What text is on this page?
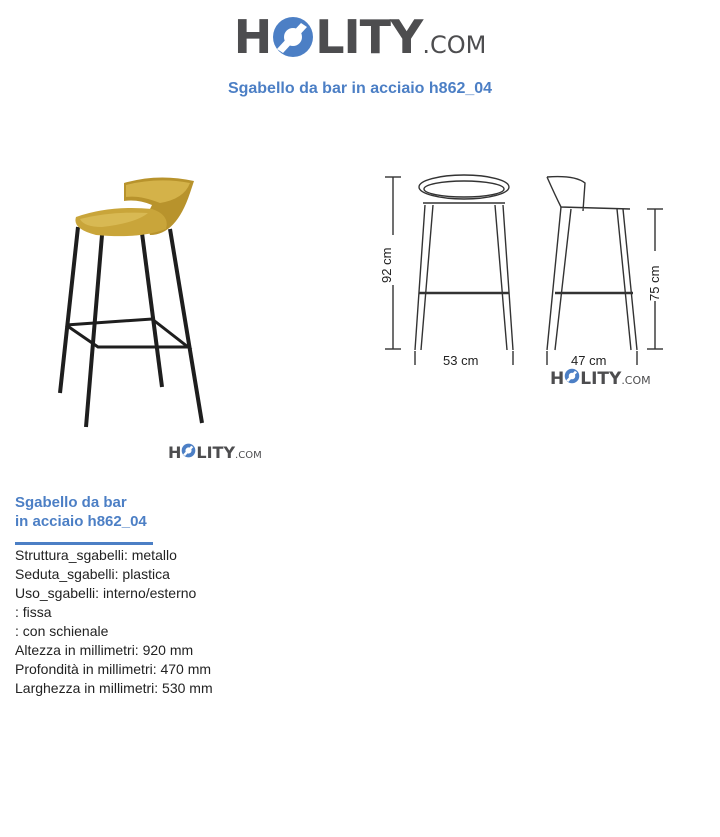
H LITY .COM
Sgabello da bar in acciaio h862_04
H LITY .COM
92 cm
75 cm
53 cm	47 cm
H LITY .COM
Sgabello da bar
in acciaio h862_04
Struttura_sgabelli: metallo
Seduta_sgabelli: plastica
Uso_sgabelli: interno/esterno
: fissa
: con schienale
Altezza in millimetri: 920 mm
Profondità in millimetri: 470 mm
Larghezza in millimetri: 530 mm
